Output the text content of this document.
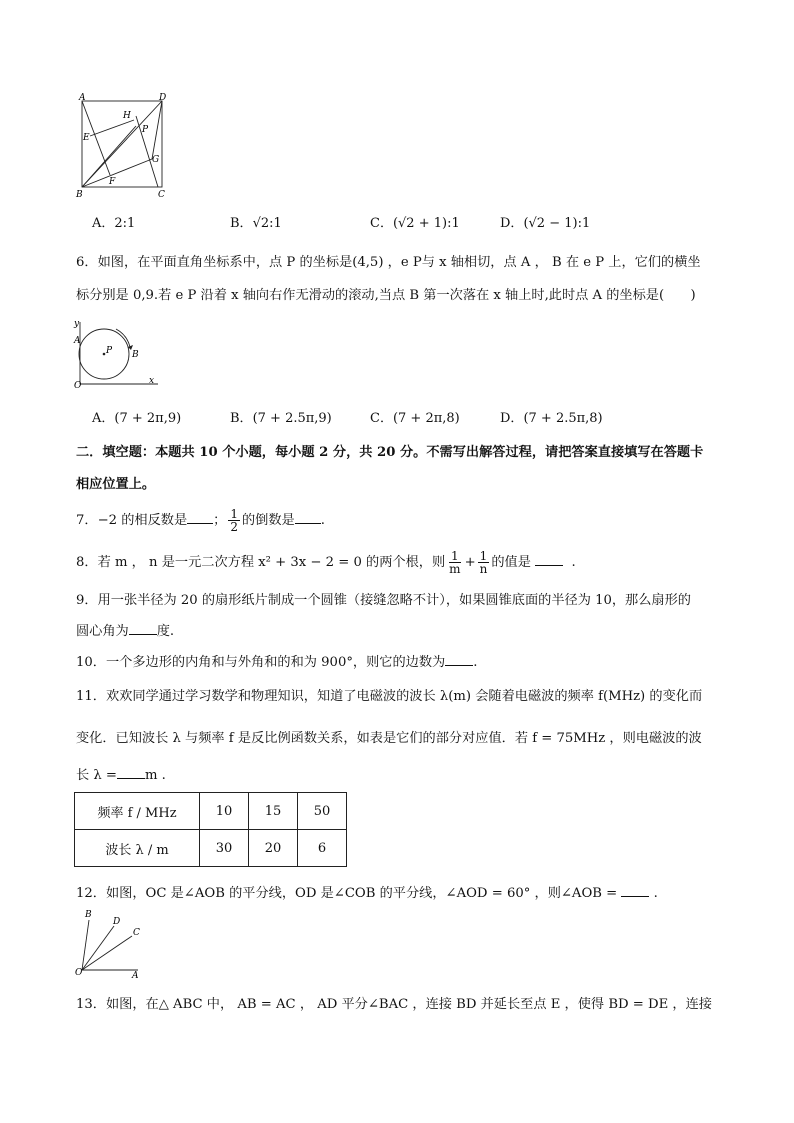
A	D
H
E
P
G
F
B	C
A．2:1	B．√2:1	C．(√2 + 1):1	D．(√2 − 1):1
6．如图，在平面直角坐标系中，点 P 的坐标是(4,5) ，e P与 x 轴相切，点 A ， B 在 e P 上，它们的横坐
标分别是 0,9.若 e P 沿着 x 轴向右作无滑动的滚动,当点 B 第一次落在 x 轴上时,此时点 A 的坐标是(　　)
y
A
P B
O	x
A．(7 + 2π,9)	B．(7 + 2.5π,9)	C．(7 + 2π,8)	D．(7 + 2.5π,8)
二．填空题：本题共 10 个小题，每小题 2 分，共 20 分。不需写出解答过程，请把答案直接填写在答题卡
相应位置上。
7．−2 的相反数是 ； $\frac{1}{2}$ 的倒数是 .
8．若 m ， n 是一元二次方程 x² + 3x − 2 = 0 的两个根，则 $\frac{1}{m} + \frac{1}{n}$ 的值是	.
9．用一张半径为 20 的扇形纸片制成一个圆锥（接缝忽略不计），如果圆锥底面的半径为 10，那么扇形的
圆心角为 度.
10．一个多边形的内角和与外角和的和为 900°，则它的边数为 .
11．欢欢同学通过学习数学和物理知识，知道了电磁波的波长 λ(m) 会随着电磁波的频率 f(MHz) 的变化而
变化．已知波长 λ 与频率 f 是反比例函数关系，如表是它们的部分对应值．若 f = 75MHz ，则电磁波的波
长 λ = m .
频率 f / MHz	10	15	50
波长 λ / m	30	20	6
12．如图，OC 是∠AOB 的平分线，OD 是∠COB 的平分线，∠AOD = 60° ，则∠AOB =	.
B
D
C
O	A
13．如图，在△ ABC 中， AB = AC ， AD 平分∠BAC ，连接 BD 并延长至点 E ，使得 BD = DE ，连接
